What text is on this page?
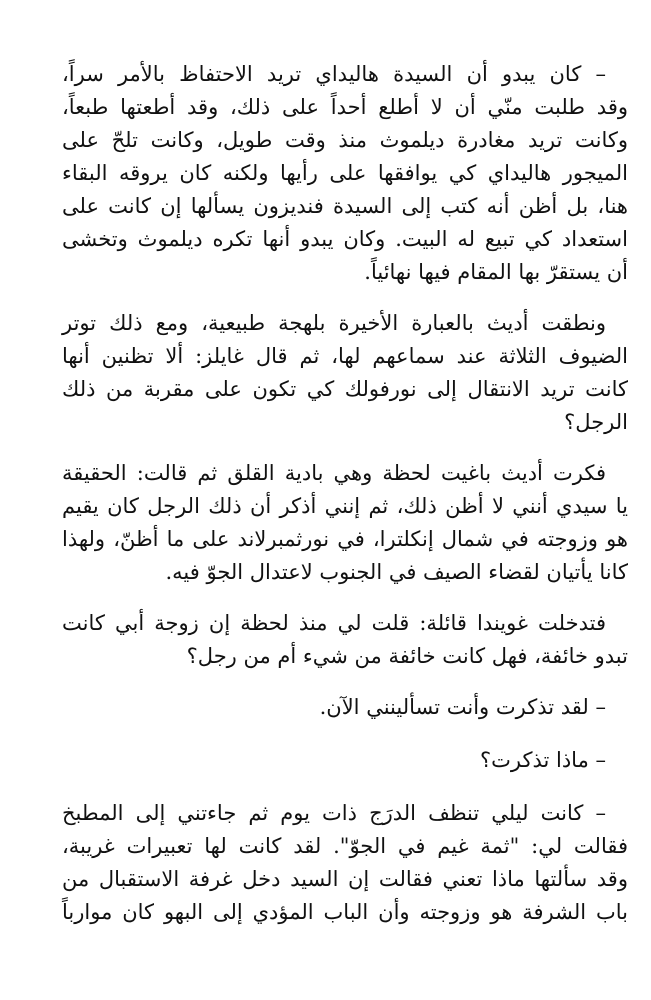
– كان يبدو أن السيدة هاليداي تريد الاحتفاظ بالأمر سراً،
وقد طلبت منّي أن لا أطلع أحداً على ذلك، وقد أطعتها طبعاً،
وكانت تريد مغادرة ديلموث منذ وقت طويل، وكانت تلحّ على
الميجور هاليداي كي يوافقها على رأيها ولكنه كان يروقه البقاء
هنا، بل أظن أنه كتب إلى السيدة فنديزون يسألها إن كانت على
استعداد كي تبيع له البيت. وكان يبدو أنها تكره ديلموث وتخشى
أن يستقرّ بها المقام فيها نهائياً.
ونطقت أديث بالعبارة الأخيرة بلهجة طبيعية، ومع ذلك توتر
الضيوف الثلاثة عند سماعهم لها، ثم قال غايلز: ألا تظنين أنها
كانت تريد الانتقال إلى نورفولك كي تكون على مقربة من ذلك
الرجل؟
فكرت أديث باغيت لحظة وهي بادية القلق ثم قالت: الحقيقة
يا سيدي أنني لا أظن ذلك، ثم إنني أذكر أن ذلك الرجل كان يقيم
هو وزوجته في شمال إنكلترا، في نورثمبرلاند على ما أظنّ، ولهذا
كانا يأتيان لقضاء الصيف في الجنوب لاعتدال الجوّ فيه.
فتدخلت غويندا قائلة: قلت لي منذ لحظة إن زوجة أبي كانت
تبدو خائفة، فهل كانت خائفة من شيء أم من رجل؟
– لقد تذكرت وأنت تسألينني الآن.
– ماذا تذكرت؟
– كانت ليلي تنظف الدرَج ذات يوم ثم جاءتني إلى المطبخ
فقالت لي: "ثمة غيم في الجوّ". لقد كانت لها تعبيرات غريبة،
وقد سألتها ماذا تعني فقالت إن السيد دخل غرفة الاستقبال من
باب الشرفة هو وزوجته وأن الباب المؤدي إلى البهو كان موارباً
